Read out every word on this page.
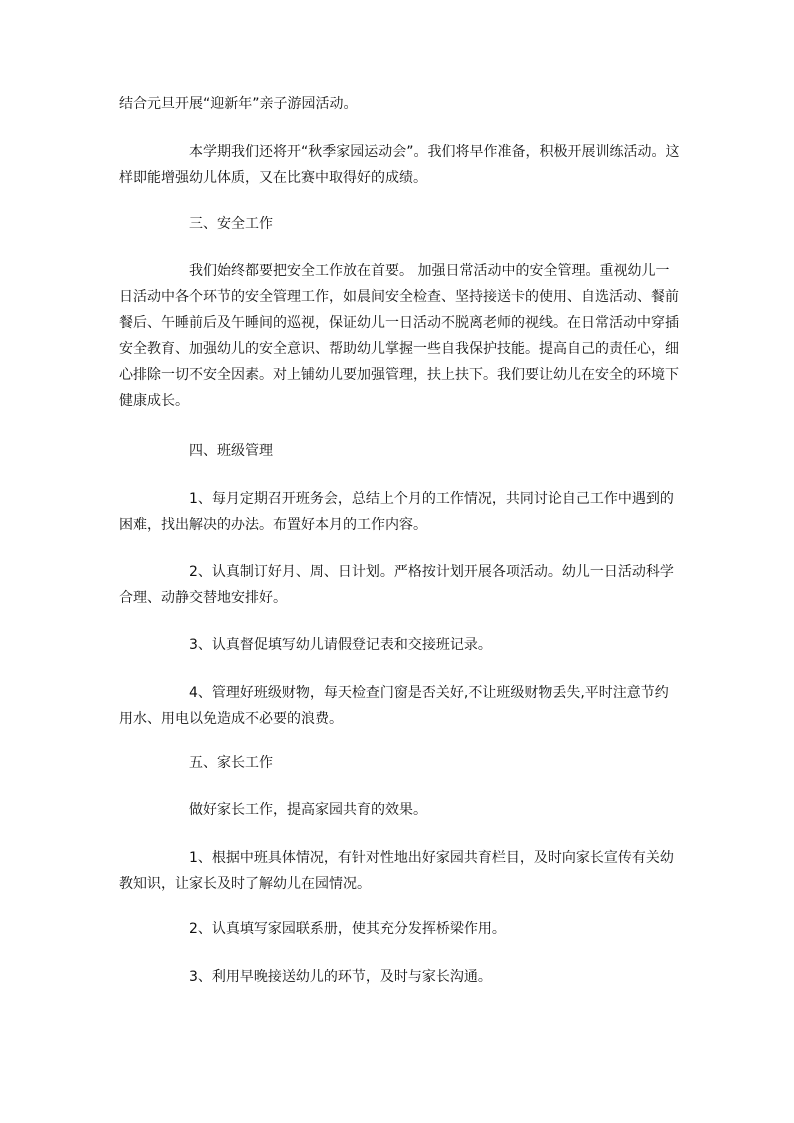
结合元旦开展“迎新年”亲子游园活动。

本学期我们还将开“秋季家园运动会”。我们将早作准备，积极开展训练活动。这样即能增强幼儿体质，又在比赛中取得好的成绩。

三、安全工作

我们始终都要把安全工作放在首要。 加强日常活动中的安全管理。重视幼儿一日活动中各个环节的安全管理工作，如晨间安全检查、坚持接送卡的使用、自选活动、餐前餐后、午睡前后及午睡间的巡视，保证幼儿一日活动不脱离老师的视线。在日常活动中穿插安全教育、加强幼儿的安全意识、帮助幼儿掌握一些自我保护技能。提高自己的责任心，细心排除一切不安全因素。对上铺幼儿要加强管理，扶上扶下。我们要让幼儿在安全的环境下健康成长。

四、班级管理

1、每月定期召开班务会，总结上个月的工作情况，共同讨论自己工作中遇到的困难，找出解决的办法。布置好本月的工作内容。

2、认真制订好月、周、日计划。严格按计划开展各项活动。幼儿一日活动科学合理、动静交替地安排好。

3、认真督促填写幼儿请假登记表和交接班记录。

4、管理好班级财物，每天检查门窗是否关好,不让班级财物丢失,平时注意节约用水、用电以免造成不必要的浪费。

五、家长工作

做好家长工作，提高家园共育的效果。

1、根据中班具体情况，有针对性地出好家园共育栏目，及时向家长宣传有关幼教知识，让家长及时了解幼儿在园情况。

2、认真填写家园联系册，使其充分发挥桥梁作用。

3、利用早晚接送幼儿的环节，及时与家长沟通。
